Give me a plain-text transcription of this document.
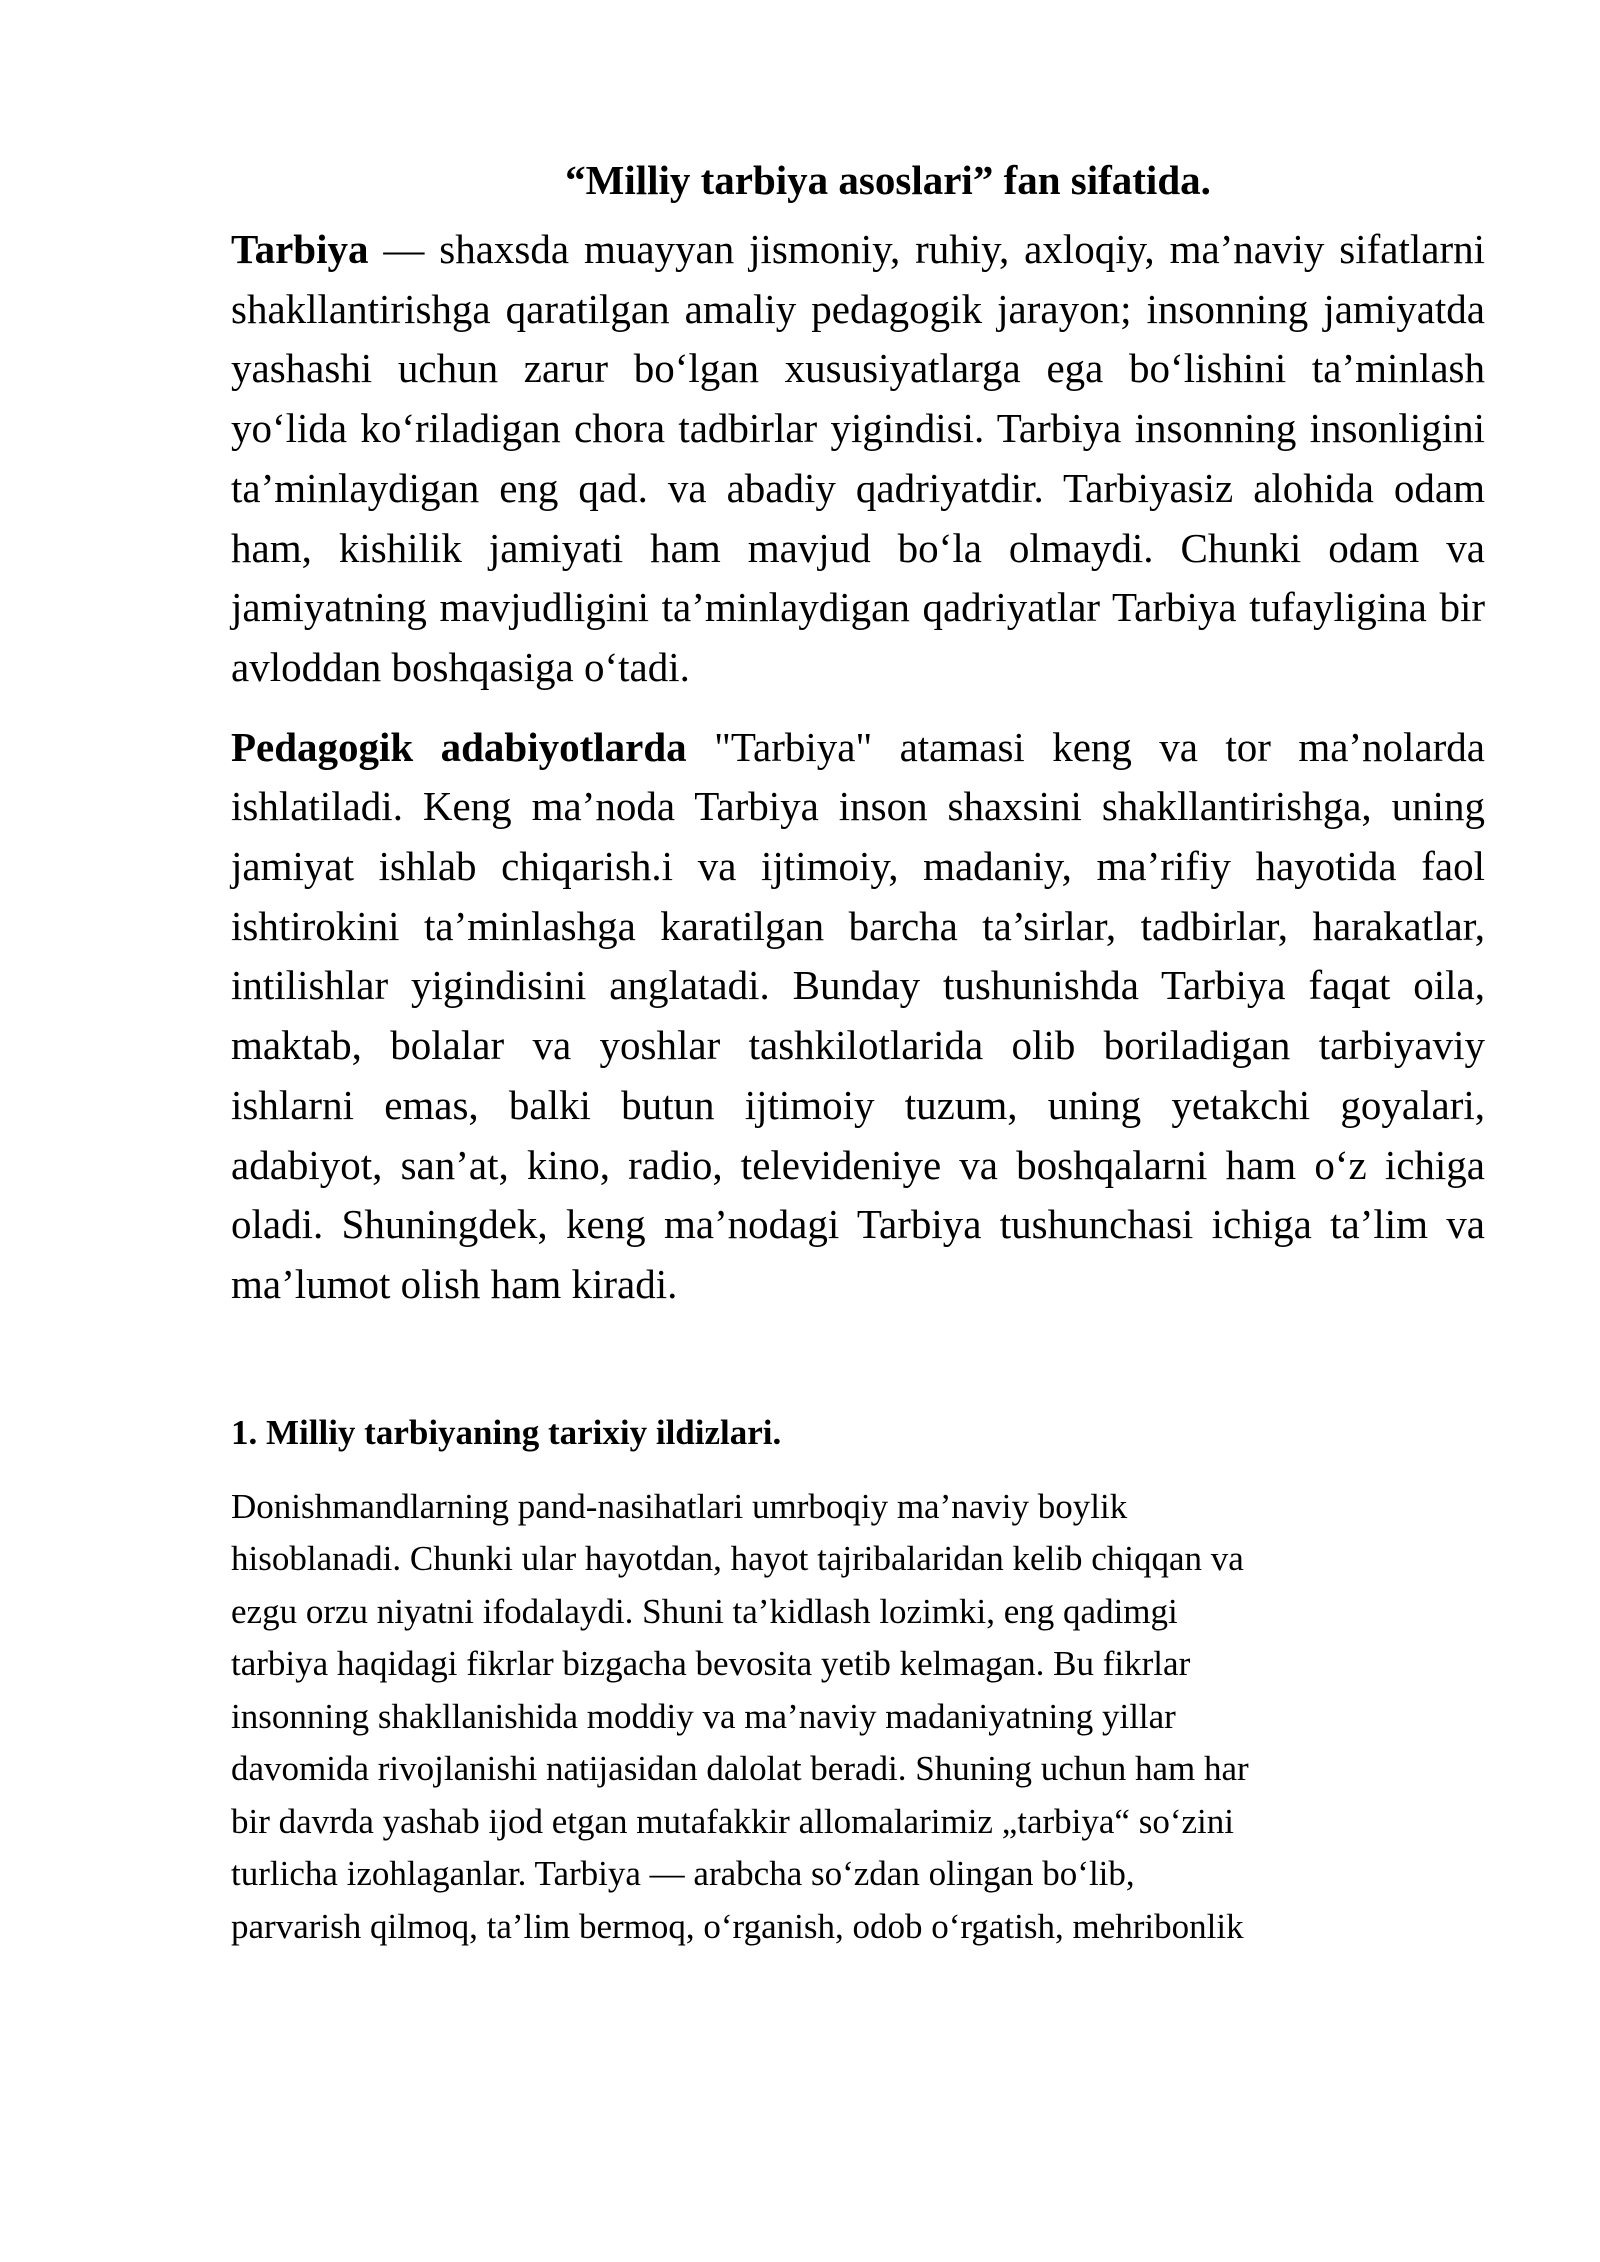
“Milliy tarbiya asoslari” fan sifatida.

Tarbiya — shaxsda muayyan jismoniy, ruhiy, axloqiy, ma’naviy sifatlarni shakllantirishga qaratilgan amaliy pedagogik jarayon; insonning jamiyatda yashashi uchun zarur bo‘lgan xususiyatlarga ega bo‘lishini ta’minlash yo‘lida ko‘riladigan chora tadbirlar yigindisi. Tarbiya insonning insonligini ta’minlaydigan eng qad. va abadiy qadriyatdir. Tarbiyasiz alohida odam ham, kishilik jamiyati ham mavjud bo‘la olmaydi. Chunki odam va jamiyatning mavjudligini ta’minlaydigan qadriyatlar Tarbiya tufayligina bir avloddan boshqasiga o‘tadi.

Pedagogik adabiyotlarda "Tarbiya" atamasi keng va tor ma’nolarda ishlatiladi. Keng ma’noda Tarbiya inson shaxsini shakllantirishga, uning jamiyat ishlab chiqarish.i va ijtimoiy, madaniy, ma’rifiy hayotida faol ishtirokini ta’minlashga karatilgan barcha ta’sirlar, tadbirlar, harakatlar, intilishlar yigindisini anglatadi. Bunday tushunishda Tarbiya faqat oila, maktab, bolalar va yoshlar tashkilotlarida olib boriladigan tarbiyaviy ishlarni emas, balki butun ijtimoiy tuzum, uning yetakchi goyalari, adabiyot, san’at, kino, radio, televideniye va boshqalarni ham o‘z ichiga oladi. Shuningdek, keng ma’nodagi Tarbiya tushunchasi ichiga ta’lim va ma’lumot olish ham kiradi.

1. Milliy tarbiyaning tarixiy ildizlari.
Donishmandlarning pand-nasihatlari umrboqiy ma’naviy boylik
hisoblanadi. Chunki ular hayotdan, hayot tajribalaridan kelib chiqqan va
ezgu orzu niyatni ifodalaydi. Shuni ta’kidlash lozimki, eng qadimgi
tarbiya haqidagi fikrlar bizgacha bevosita yetib kelmagan. Bu fikrlar
insonning shakllanishida moddiy va ma’naviy madaniyatning yillar
davomida rivojlanishi natijasidan dalolat beradi. Shuning uchun ham har
bir davrda yashab ijod etgan mutafakkir allomalarimiz „tarbiya“ so‘zini
turlicha izohlaganlar. Tarbiya — arabcha so‘zdan olingan bo‘lib,
parvarish qilmoq, ta’lim bermoq, o‘rganish, odob o‘rgatish, mehribonlik
